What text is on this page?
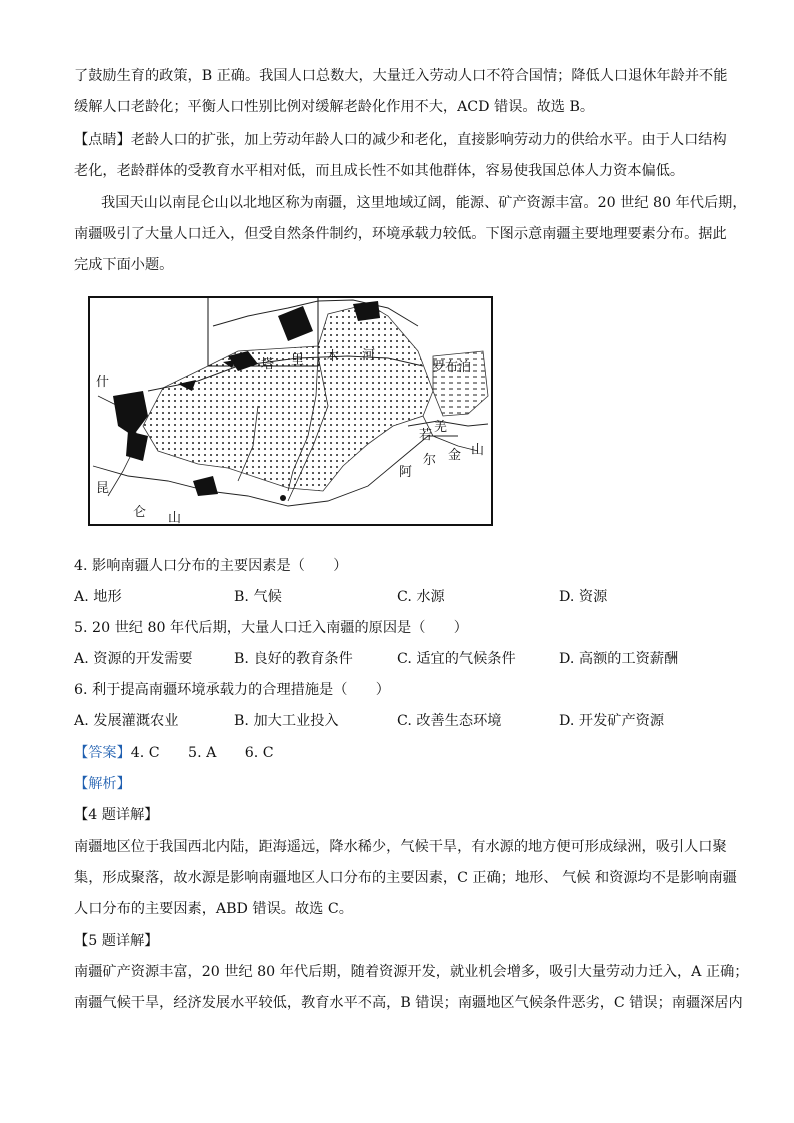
了鼓励生育的政策，B 正确。我国人口总数大，大量迁入劳动人口不符合国情；降低人口退休年龄并不能
缓解人口老龄化；平衡人口性别比例对缓解老龄化作用不大，ACD 错误。故选 B。
【点睛】老龄人口的扩张，加上劳动年龄人口的减少和老化，直接影响劳动力的供给水平。由于人口结构
老化，老龄群体的受教育水平相对低，而且成长性不如其他群体，容易使我国总体人力资本偏低。
我国天山以南昆仑山以北地区称为南疆，这里地域辽阔，能源、矿产资源丰富。20 世纪 80 年代后期，
南疆吸引了大量人口迁入，但受自然条件制约，环境承载力较低。下图示意南疆主要地理要素分布。据此
完成下面小题。
塔 里 木 河
罗布泊
若
羌
尔 金 山
阿
什
昆
仑 山
4. 影响南疆人口分布的主要因素是（　　）
A. 地形	B. 气候	C. 水源	D. 资源
5. 20 世纪 80 年代后期，大量人口迁入南疆的原因是（　　）
A. 资源的开发需要	B. 良好的教育条件	C. 适宜的气候条件	D. 高额的工资薪酬
6. 利于提高南疆环境承载力的合理措施是（　　）
A. 发展灌溉农业	B. 加大工业投入	C. 改善生态环境	D. 开发矿产资源
【答案】4. C　　5. A　　6. C
【解析】
【4 题详解】
南疆地区位于我国西北内陆，距海遥远，降水稀少，气候干旱，有水源的地方便可形成绿洲，吸引人口聚
集，形成聚落，故水源是影响南疆地区人口分布的主要因素，C 正确；地形、 气候 和资源均不是影响南疆
人口分布的主要因素，ABD 错误。故选 C。
【5 题详解】
南疆矿产资源丰富，20 世纪 80 年代后期，随着资源开发，就业机会增多，吸引大量劳动力迁入，A 正确；
南疆气候干旱，经济发展水平较低，教育水平不高，B 错误；南疆地区气候条件恶劣，C 错误；南疆深居内
